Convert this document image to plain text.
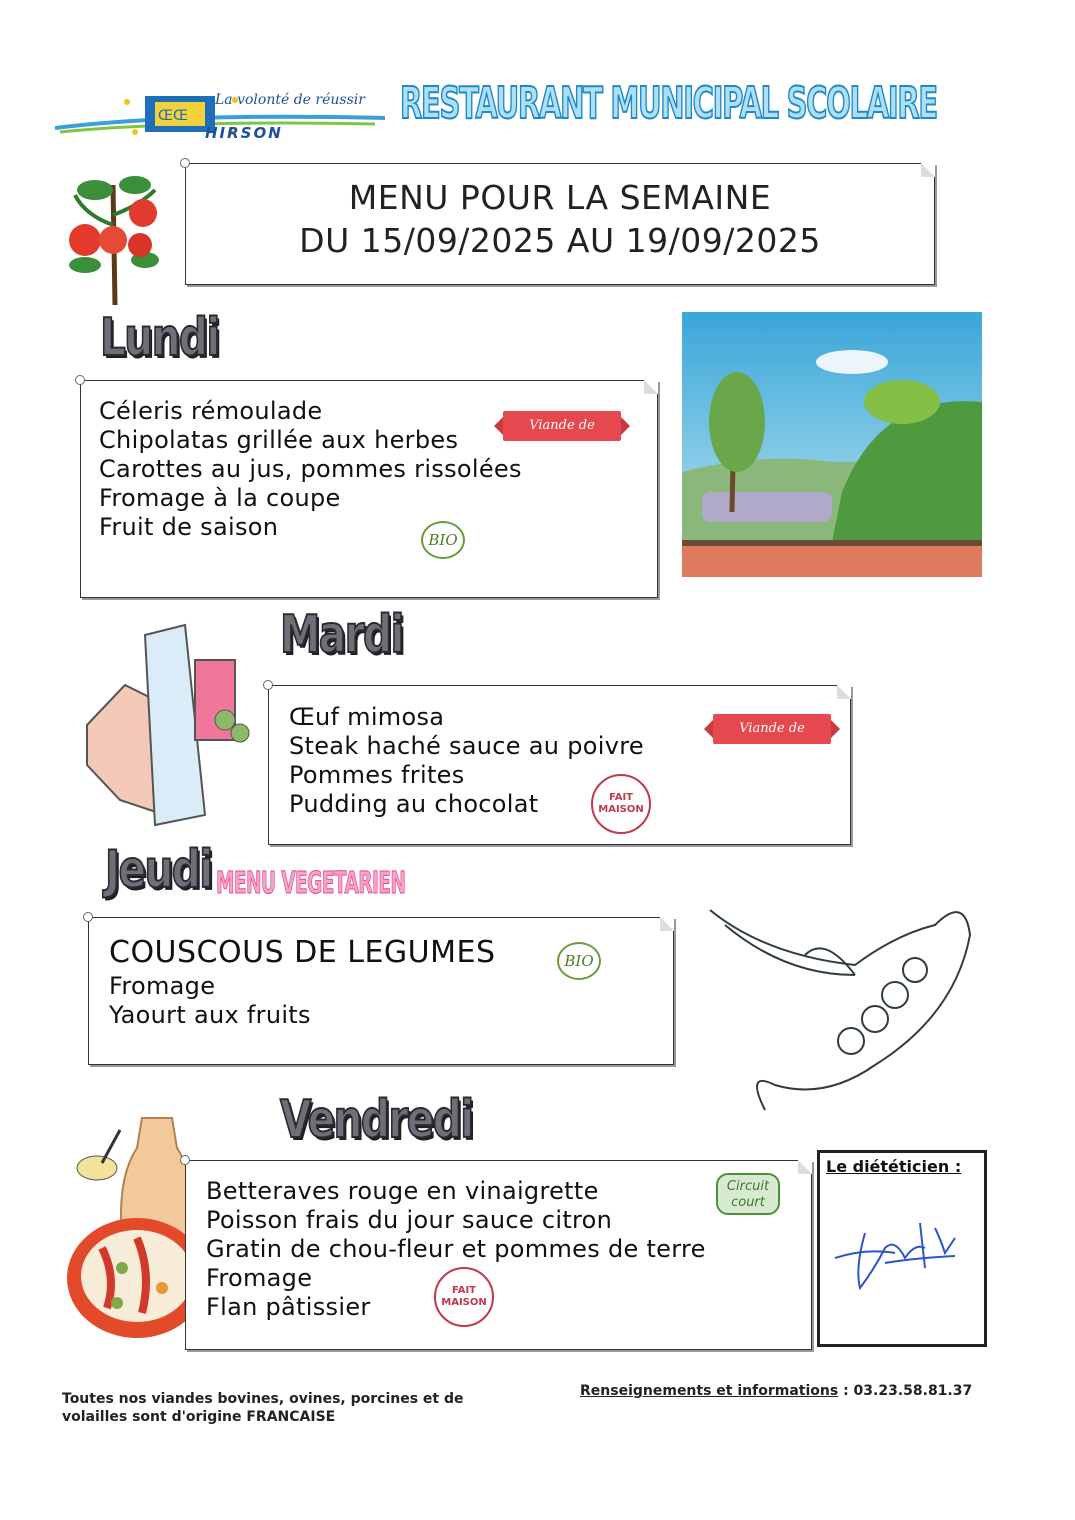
ŒŒ
La volonté de réussir
HIRSON
RESTAURANT MUNICIPAL SCOLAIRE
MENU POUR LA SEMAINE
DU 15/09/2025 AU 19/09/2025
Lundi

Céleris rémoulade

Chipolatas grillée aux herbes

Carottes au jus, pommes rissolées

Fromage à la coupe

Fruit de saison

Viande de Thiérache
BIO
Mardi

Œuf mimosa

Steak haché sauce au poivre

Pommes frites

Pudding au chocolat

Viande de Thiérache
FAIT MAISON
Jeudi MENU VEGETARIEN

COUSCOUS DE LEGUMES

Fromage

Yaourt aux fruits

BIO
Vendredi

Betteraves rouge en vinaigrette

Poisson frais du jour sauce citron

Gratin de chou-fleur et pommes de terre

Fromage

Flan pâtissier

Circuit court
FAIT MAISON
Le diététicien :
Toutes nos viandes bovines, ovines, porcines et de
volailles sont d'origine FRANCAISE
Renseignements et informations : 03.23.58.81.37
